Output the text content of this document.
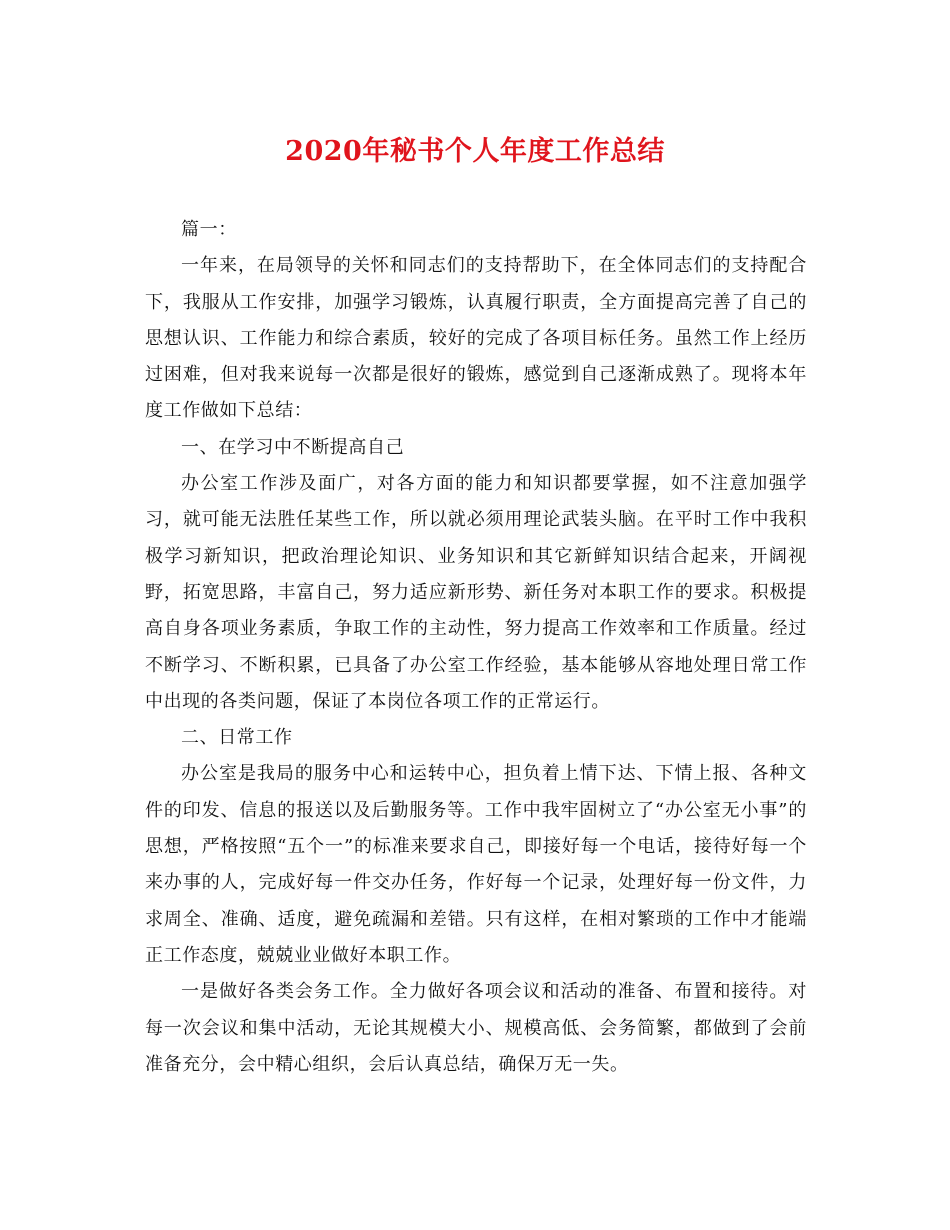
2020年秘书个人年度工作总结

篇一：

一年来，在局领导的关怀和同志们的支持帮助下，在全体同志们的支持配合下，我服从工作安排，加强学习锻炼，认真履行职责，全方面提高完善了自己的思想认识、工作能力和综合素质，较好的完成了各项目标任务。虽然工作上经历过困难，但对我来说每一次都是很好的锻炼，感觉到自己逐渐成熟了。现将本年度工作做如下总结：

一、在学习中不断提高自己

办公室工作涉及面广，对各方面的能力和知识都要掌握，如不注意加强学习，就可能无法胜任某些工作，所以就必须用理论武装头脑。在平时工作中我积极学习新知识，把政治理论知识、业务知识和其它新鲜知识结合起来，开阔视野，拓宽思路，丰富自己，努力适应新形势、新任务对本职工作的要求。积极提高自身各项业务素质，争取工作的主动性，努力提高工作效率和工作质量。经过不断学习、不断积累，已具备了办公室工作经验，基本能够从容地处理日常工作中出现的各类问题，保证了本岗位各项工作的正常运行。

二、日常工作

办公室是我局的服务中心和运转中心，担负着上情下达、下情上报、各种文件的印发、信息的报送以及后勤服务等。工作中我牢固树立了“办公室无小事”的思想，严格按照“五个一”的标准来要求自己，即接好每一个电话，接待好每一个来办事的人，完成好每一件交办任务，作好每一个记录，处理好每一份文件，力求周全、准确、适度，避免疏漏和差错。只有这样，在相对繁琐的工作中才能端正工作态度，兢兢业业做好本职工作。

一是做好各类会务工作。全力做好各项会议和活动的准备、布置和接待。对每一次会议和集中活动，无论其规模大小、规模高低、会务简繁，都做到了会前准备充分，会中精心组织，会后认真总结，确保万无一失。
